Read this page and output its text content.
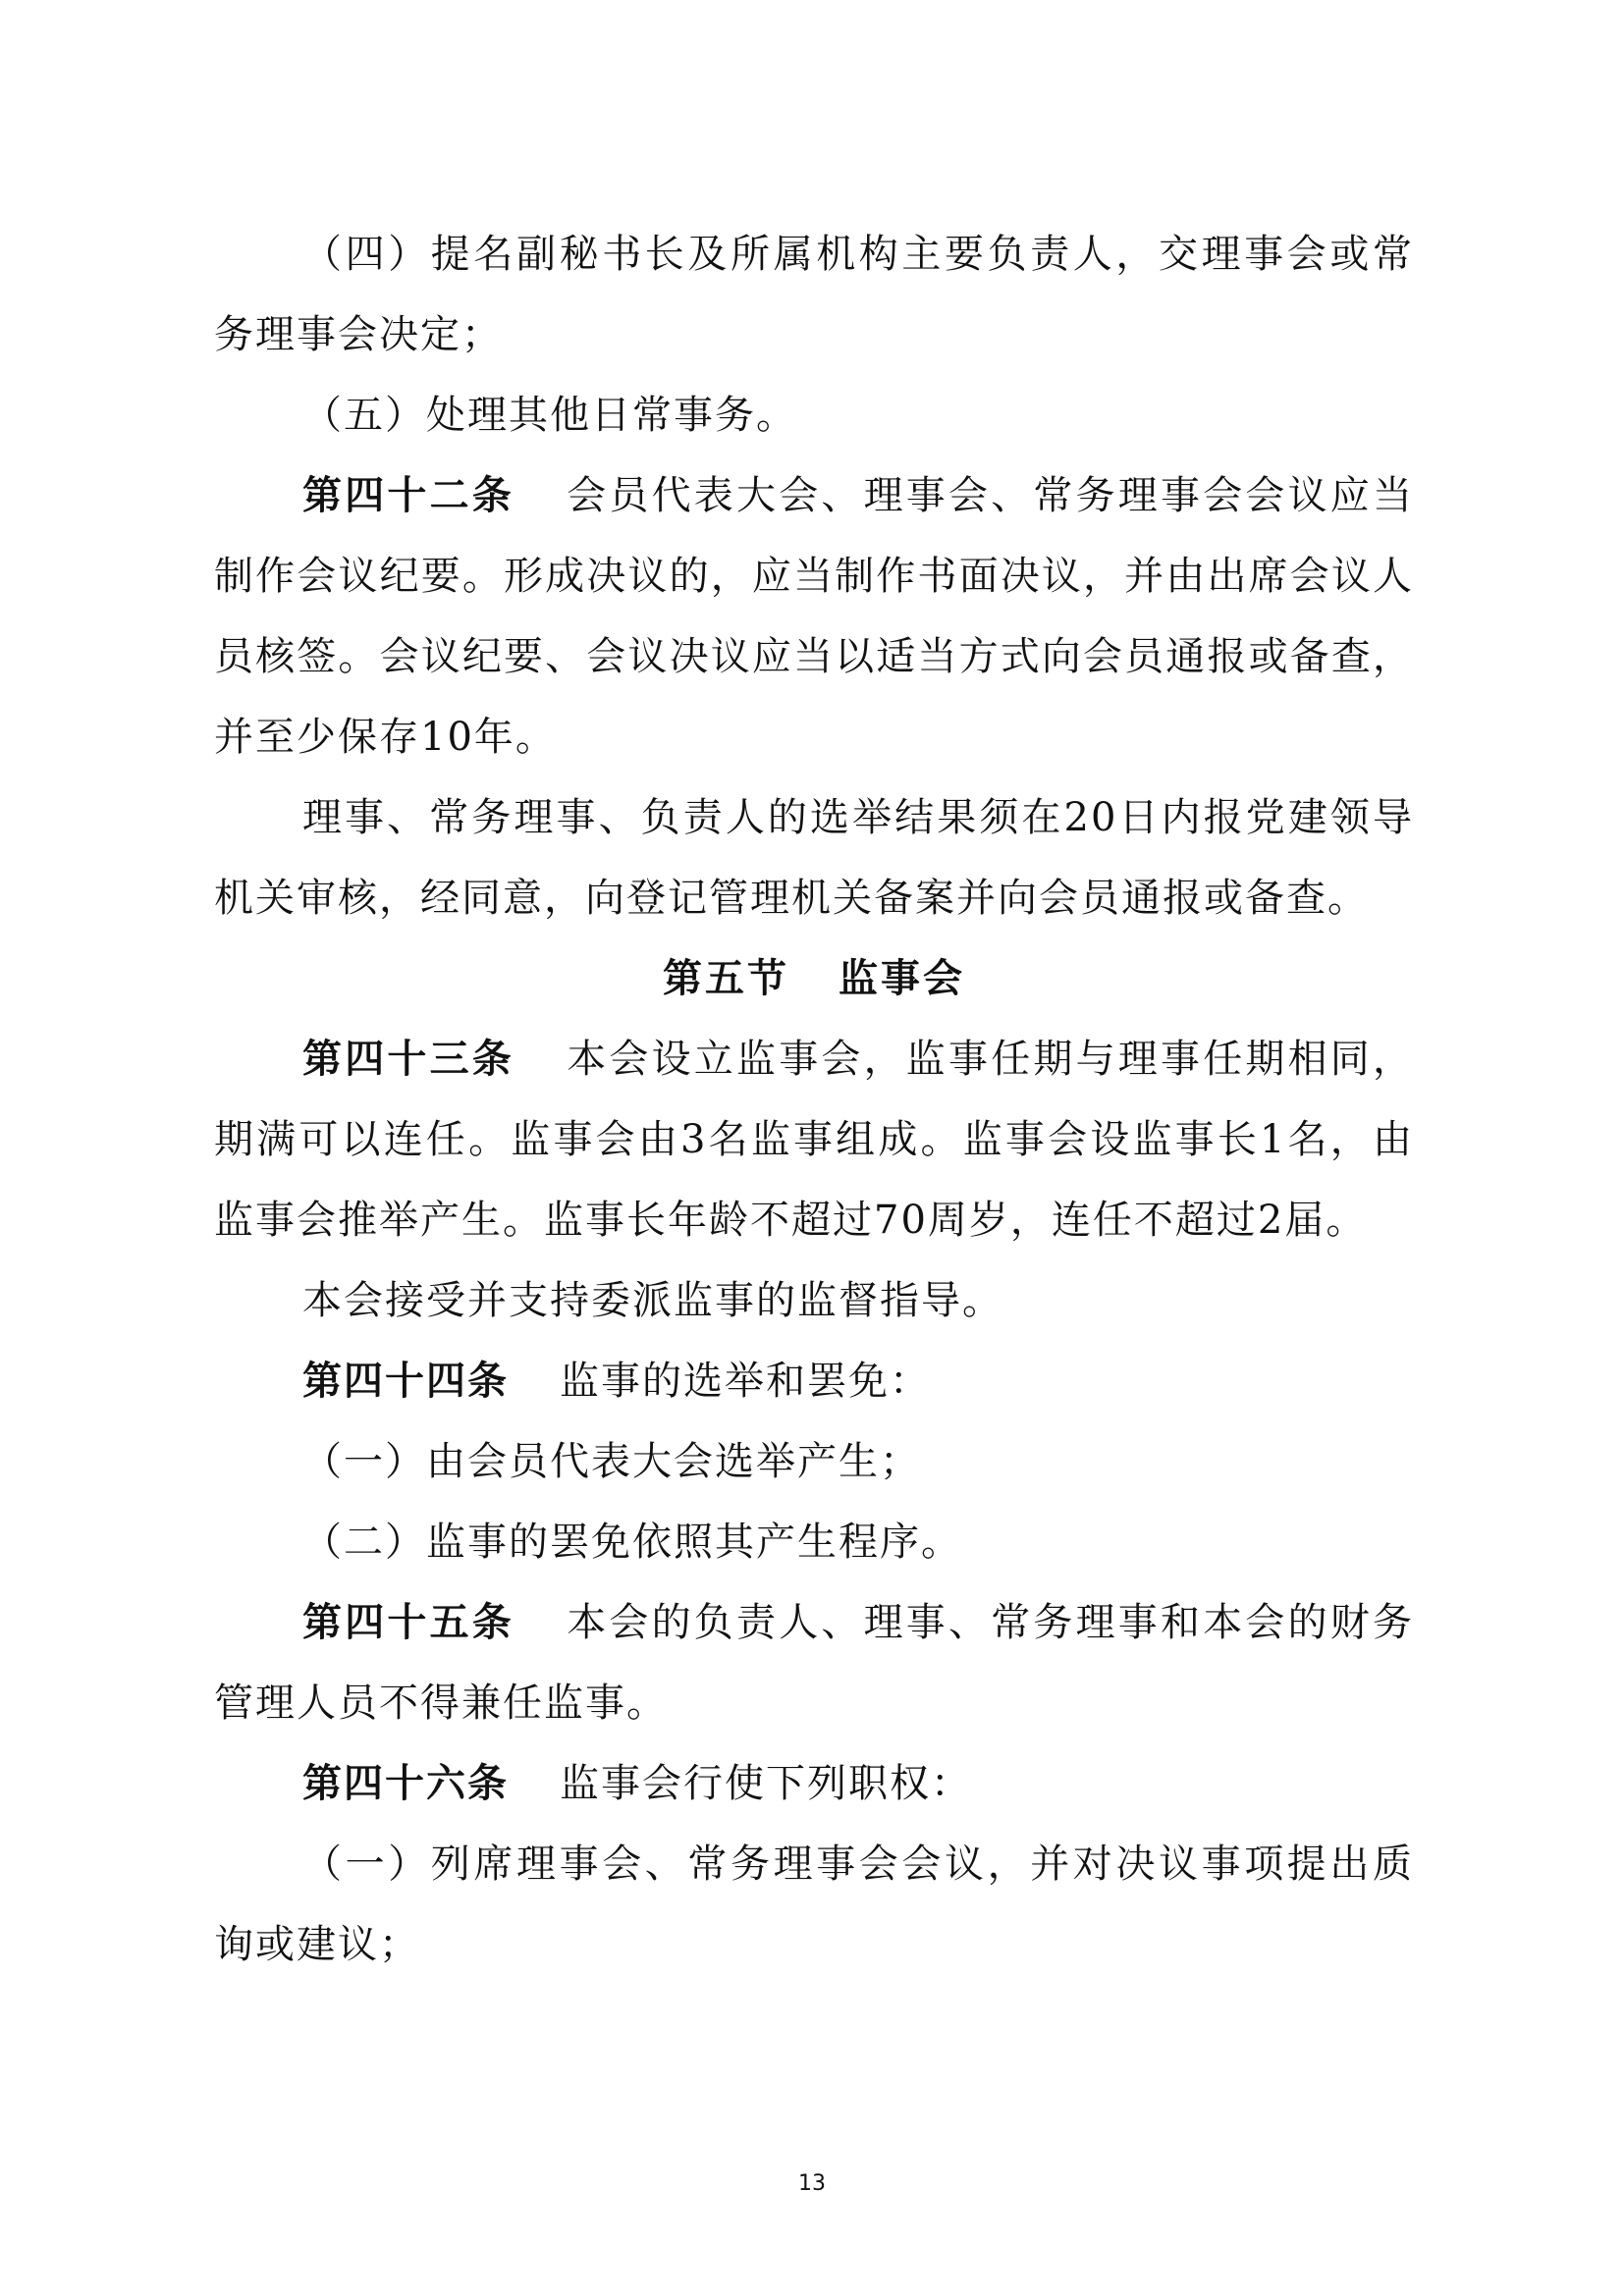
（四）提名副秘书长及所属机构主要负责人，交理事会或常务理事会决定；

（五）处理其他日常事务。

第四十二条 会员代表大会、理事会、常务理事会会议应当制作会议纪要。形成决议的，应当制作书面决议，并由出席会议人员核签。会议纪要、会议决议应当以适当方式向会员通报或备查，并至少保存10年。

理事、常务理事、负责人的选举结果须在20日内报党建领导机关审核，经同意，向登记管理机关备案并向会员通报或备查。

第五节 监事会

第四十三条 本会设立监事会，监事任期与理事任期相同，期满可以连任。监事会由3名监事组成。监事会设监事长1名，由监事会推举产生。监事长年龄不超过70周岁，连任不超过2届。

本会接受并支持委派监事的监督指导。

第四十四条 监事的选举和罢免：

（一）由会员代表大会选举产生；

（二）监事的罢免依照其产生程序。

第四十五条 本会的负责人、理事、常务理事和本会的财务管理人员不得兼任监事。

第四十六条 监事会行使下列职权：

（一）列席理事会、常务理事会会议，并对决议事项提出质询或建议；

13
